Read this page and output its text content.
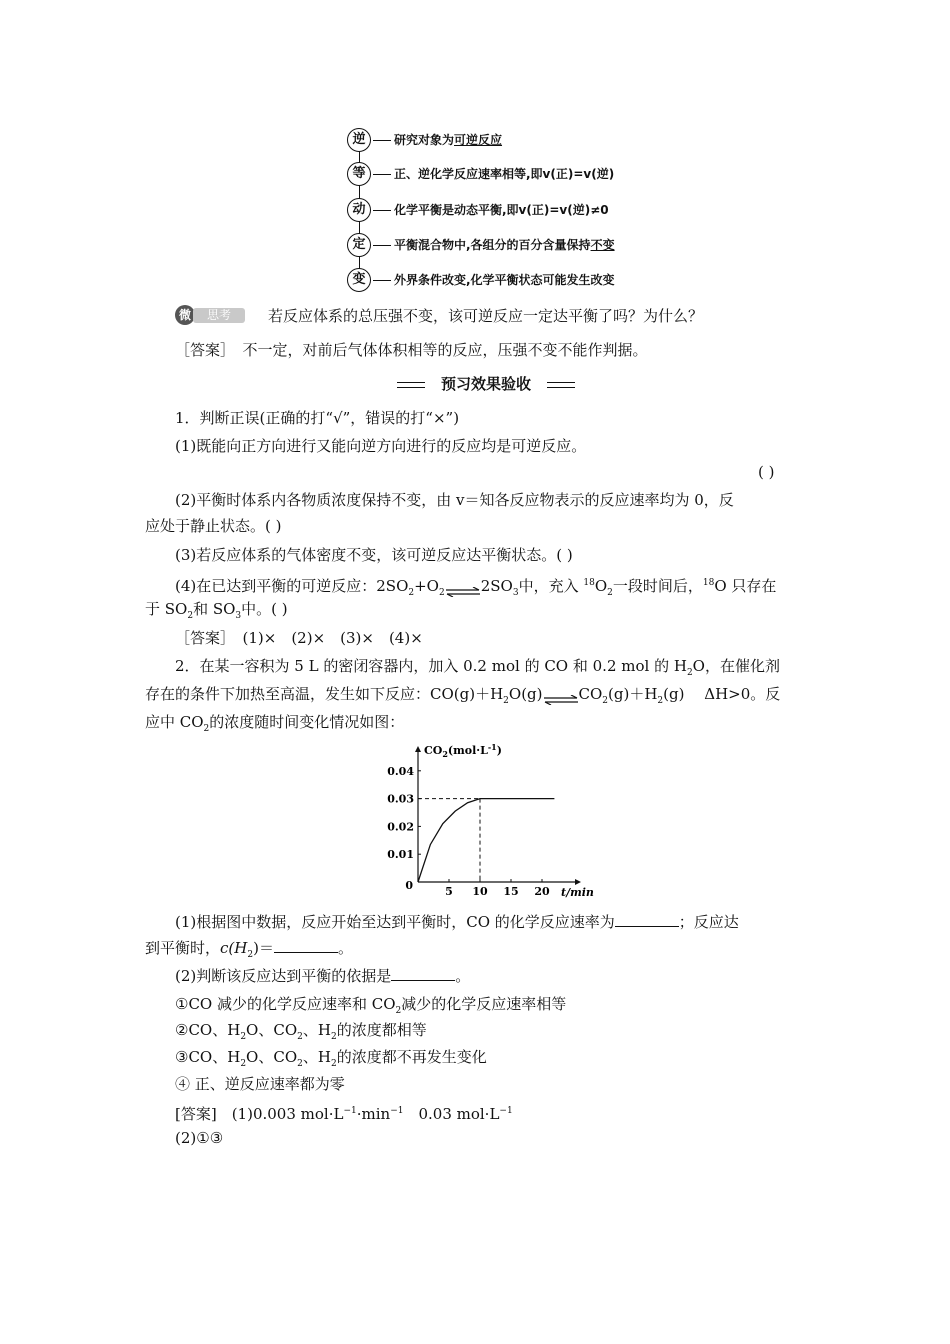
逆	研究对象为可逆反应
等	正、逆化学反应速率相等,即v(正)=v(逆)
动	化学平衡是动态平衡,即v(正)=v(逆)≠0
定	平衡混合物中,各组分的百分含量保持不变
变	外界条件改变,化学平衡状态可能发生改变
微	思考	若反应体系的总压强不变，该可逆反应一定达平衡了吗？为什么？
［答案］　 不一定，对前后气体体积相等的反应，压强不变不能作判据。
预习效果验收
1．判断正误(正确的打“√”，错误的打“×”)
(1)既能向正方向进行又能向逆方向进行的反应均是可逆反应。
( )
(2)平衡时体系内各物质浓度保持不变，由 v＝知各反应物表示的反应速率均为 0，反
应处于静止状态。( )
(3)若反应体系的气体密度不变，该可逆反应达平衡状态。( )
(4)在已达到平衡的可逆反应：$2SO_2+O_2$ $\rightleftharpoons 2SO_3$中，充入 $^{18}O_2$一段时间后，$^{18}$O 只存在
于 $SO_2$和 $SO_3$中。( )
［答案］　(1)×　(2)×　(3)×　(4)×
2．在某一容积为 5 L 的密闭容器内，加入 0.2 mol 的 CO 和 0.2 mol 的 $H_2O$，在催化剂
存在的条件下加热至高温，发生如下反应：$CO(g)+H_2O(g)\rightleftharpoons CO_2(g)+H_2(g)$　 ΔH>0。反
应中 $CO_2$的浓度随时间变化情况如图：
0.01
0.02
0.03
0.04
5 10 15 20
0
$CO_2(mol\cdot L^{-1})$
t/min
(1)根据图中数据，反应开始至达到平衡时，CO 的化学反应速率为	；反应达
到平衡时，$c(H_2)=$	。
(2)判断该反应达到平衡的依据是	。
①CO 减少的化学反应速率和 $CO_2$减少的化学反应速率相等
②CO、$H_2O$、$CO_2$、$H_2$的浓度都相等
③CO、$H_2O$、$CO_2$、$H_2$的浓度都不再发生变化
④ 正、逆反应速率都为零
[答案]　(1)0.003 $mol\cdot L^{-1}\cdot\min^{-1}$　0.03 $mol\cdot L^{-1}$
(2)①③
